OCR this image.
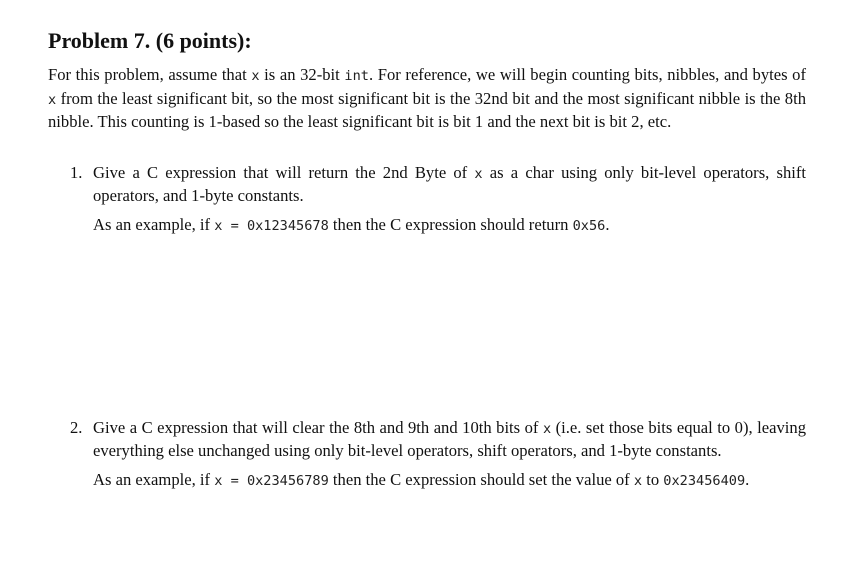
Problem 7. (6 points):

For this problem, assume that x is an 32-bit int. For reference, we will begin counting bits, nibbles, and bytes of x from the least significant bit, so the most significant bit is the 32nd bit and the most significant nibble is the 8th nibble. This counting is 1-based so the least significant bit is bit 1 and the next bit is bit 2, etc.

1. Give a C expression that will return the 2nd Byte of x as a char using only bit-level operators, shift operators, and 1-byte constants.

As an example, if x = 0x12345678 then the C expression should return 0x56.

2. Give a C expression that will clear the 8th and 9th and 10th bits of x (i.e. set those bits equal to 0), leaving everything else unchanged using only bit-level operators, shift operators, and 1-byte constants.

As an example, if x = 0x23456789 then the C expression should set the value of x to 0x23456409.
